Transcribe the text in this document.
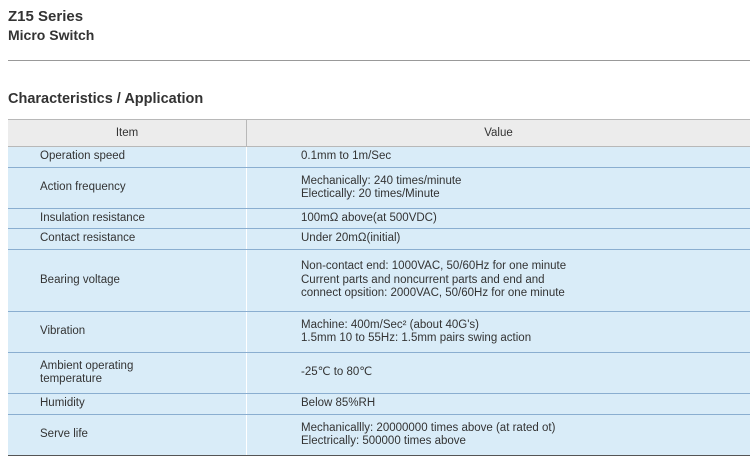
Z15 Series
Micro Switch
Characteristics / Application
Item	Value

Operation speed	0.1mm to 1m/Sec

Action frequency	Mechanically: 240 times/minute
Electically: 20 times/Minute

Insulation resistance	100mΩ above(at 500VDC)

Contact resistance	Under 20mΩ(initial)

Bearing voltage	Non-contact end: 1000VAC, 50/60Hz for one minute
Current parts and noncurrent parts and end and
connect opsition: 2000VAC, 50/60Hz for one minute

Vibration	Machine: 400m/Sec² (about 40G's)
1.5mm 10 to 55Hz: 1.5mm pairs swing action

Ambient operating
temperature	-25℃ to 80℃

Humidity	Below 85%RH

Serve life	Mechanicallly: 20000000 times above (at rated ot)
Electrically: 500000 times above
